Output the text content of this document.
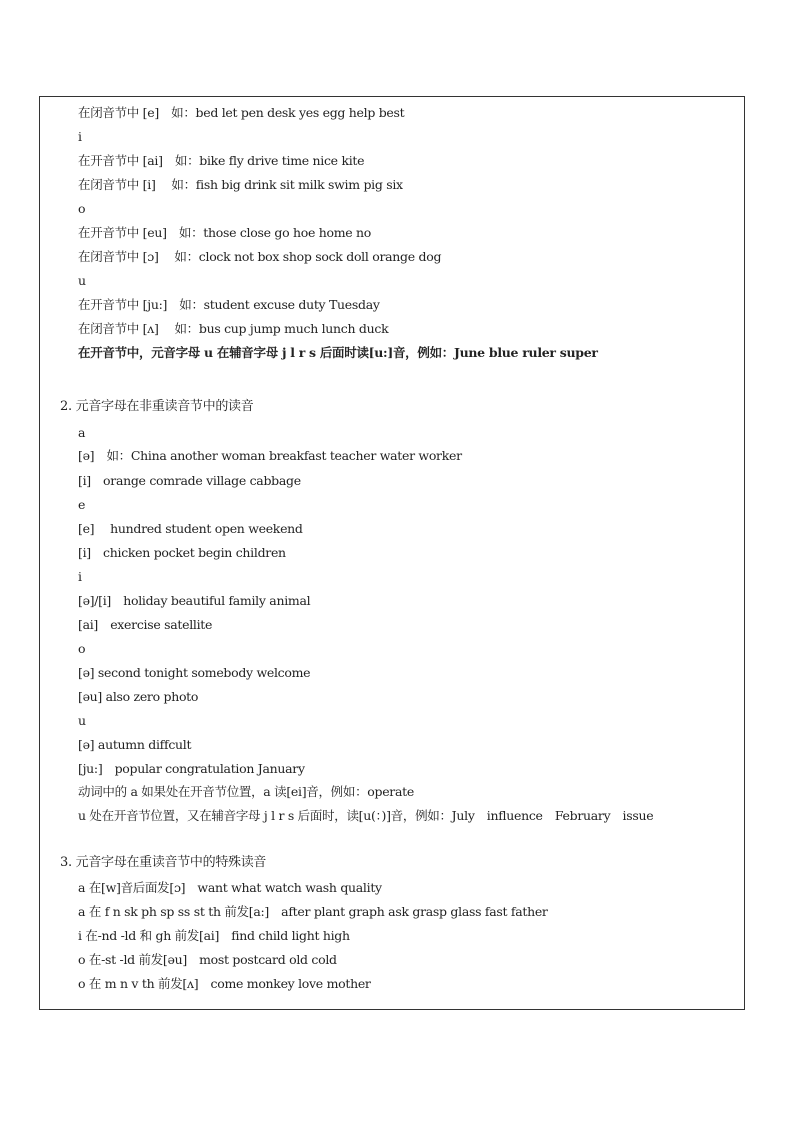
在闭音节中 [e]　如：bed let pen desk yes egg help best
i
在开音节中 [ai]　如：bike fly drive time nice kite
在闭音节中 [i]　 如：fish big drink sit milk swim pig six
o
在开音节中 [eu]　如：those close go hoe home no
在闭音节中 [ɔ]　 如：clock not box shop sock doll orange dog
u
在开音节中 [ju:]　如：student excuse duty Tuesday
在闭音节中 [ʌ]　 如：bus cup jump much lunch duck
在开音节中，元音字母 u 在辅音字母 j l r s 后面时读[u:]音，例如：June blue ruler super
2. 元音字母在非重读音节中的读音
a
[ə]　如：China another woman breakfast teacher water worker
[i]　orange comrade village cabbage
e
[e]　 hundred student open weekend
[i]　chicken pocket begin children
i
[ə]/[i]　holiday beautiful family animal
[ai]　exercise satellite
o
[ə] second tonight somebody welcome
[əu] also zero photo
u
[ə] autumn diffcult
[ju:]　popular congratulation January
动词中的 a 如果处在开音节位置，a 读[ei]音，例如：operate
u 处在开音节位置，又在辅音字母 j l r s 后面时，读[u(：)]音，例如：July　influence　February　issue
3. 元音字母在重读音节中的特殊读音
a 在[w]音后面发[ɔ]　want what watch wash quality
a 在 f n sk ph sp ss st th 前发[a:]　after plant graph ask grasp glass fast father
i 在-nd -ld 和 gh 前发[ai]　find child light high
o 在-st -ld 前发[əu]　most postcard old cold
o 在 m n v th 前发[ʌ]　come monkey love mother
